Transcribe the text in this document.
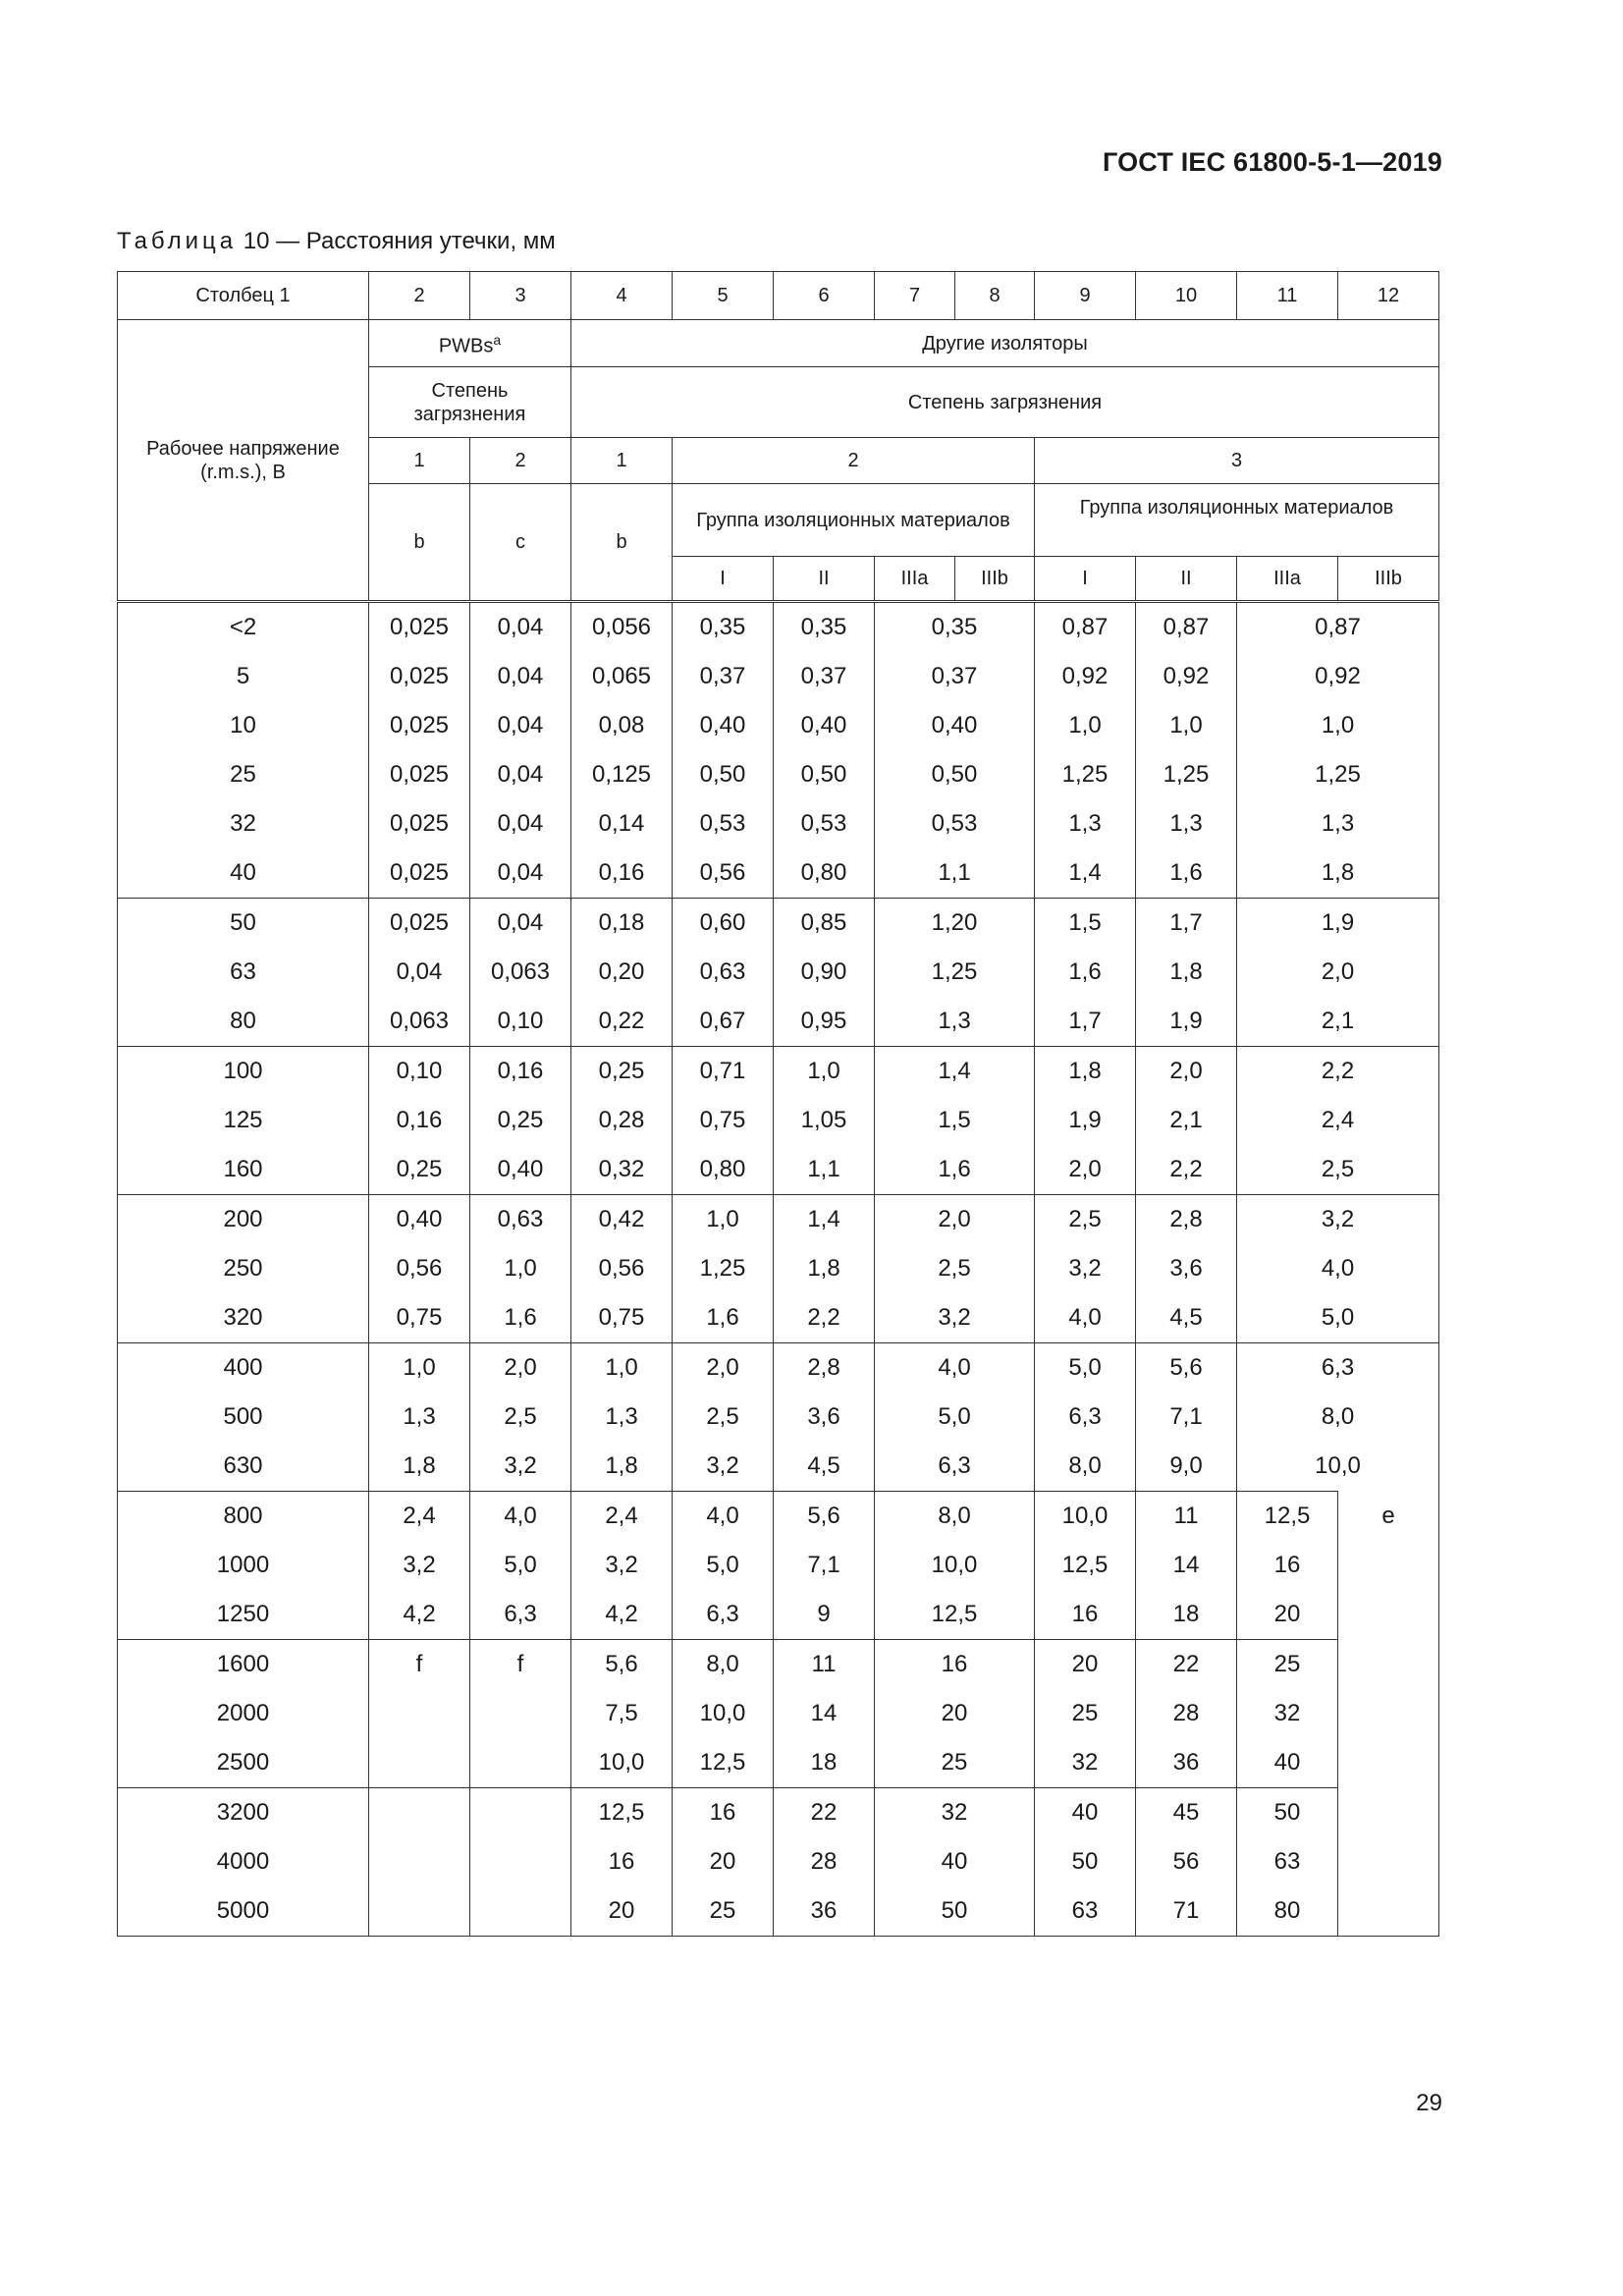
ГОСТ IEC 61800-5-1—2019
Таблица 10 — Расстояния утечки, мм
Столбец 1	2	3	4	5	6	7	8	9	10	11	12
Рабочее напряжение (r.m.s.), В	PWBs$^a$		Другие изоляторы								
	Степень загрязнения		Степень загрязнения								
	1	2	1	2				3			
	b	c	b	Группа изоляционных материалов				Группа изоляционных материалов			
				I	II	IIIa	IIIb	I	II	IIIa	IIIb
<2	0,025	0,04	0,056	0,35	0,35	0,35		0,87	0,87	0,87	
5	0,025	0,04	0,065	0,37	0,37	0,37		0,92	0,92	0,92	
10	0,025	0,04	0,08	0,40	0,40	0,40		1,0	1,0	1,0	
25	0,025	0,04	0,125	0,50	0,50	0,50		1,25	1,25	1,25	
32	0,025	0,04	0,14	0,53	0,53	0,53		1,3	1,3	1,3	
40	0,025	0,04	0,16	0,56	0,80	1,1		1,4	1,6	1,8	
50	0,025	0,04	0,18	0,60	0,85	1,20		1,5	1,7	1,9	
63	0,04	0,063	0,20	0,63	0,90	1,25		1,6	1,8	2,0	
80	0,063	0,10	0,22	0,67	0,95	1,3		1,7	1,9	2,1	
100	0,10	0,16	0,25	0,71	1,0	1,4		1,8	2,0	2,2	
125	0,16	0,25	0,28	0,75	1,05	1,5		1,9	2,1	2,4	
160	0,25	0,40	0,32	0,80	1,1	1,6		2,0	2,2	2,5	
200	0,40	0,63	0,42	1,0	1,4	2,0		2,5	2,8	3,2	
250	0,56	1,0	0,56	1,25	1,8	2,5		3,2	3,6	4,0	
320	0,75	1,6	0,75	1,6	2,2	3,2		4,0	4,5	5,0	
400	1,0	2,0	1,0	2,0	2,8	4,0		5,0	5,6	6,3	
500	1,3	2,5	1,3	2,5	3,6	5,0		6,3	7,1	8,0	
630	1,8	3,2	1,8	3,2	4,5	6,3		8,0	9,0	10,0	
800	2,4	4,0	2,4	4,0	5,6	8,0		10,0	11	12,5	e
1000	3,2	5,0	3,2	5,0	7,1	10,0		12,5	14	16	
1250	4,2	6,3	4,2	6,3	9	12,5		16	18	20	
1600	f	f	5,6	8,0	11	16		20	22	25	
2000			7,5	10,0	14	20		25	28	32	
2500			10,0	12,5	18	25		32	36	40	
3200			12,5	16	22	32		40	45	50	
4000			16	20	28	40		50	56	63	
5000			20	25	36	50		63	71	80	
29
